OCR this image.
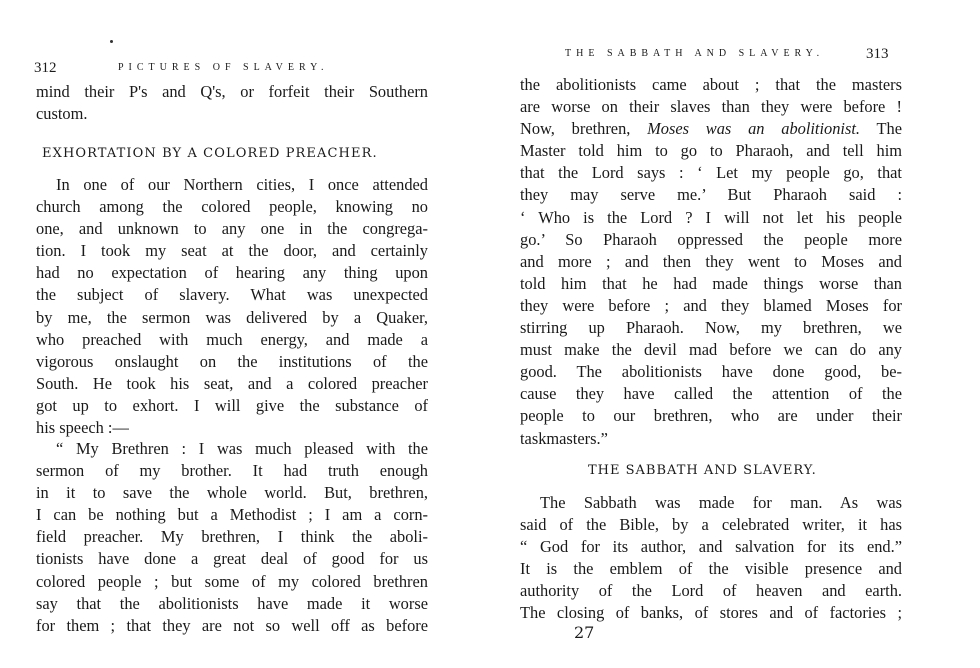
312	PICTURES OF SLAVERY.
mind their P's and Q's, or forfeit their Southern
custom.
EXHORTATION BY A COLORED PREACHER.
In one of our Northern cities, I once attended
church among the colored people, knowing no
one, and unknown to any one in the congrega-
tion. I took my seat at the door, and certainly
had no expectation of hearing any thing upon
the subject of slavery. What was unexpected
by me, the sermon was delivered by a Quaker,
who preached with much energy, and made a
vigorous onslaught on the institutions of the
South. He took his seat, and a colored preacher
got up to exhort. I will give the substance of
his speech :—
“ My Brethren : I was much pleased with the
sermon of my brother. It had truth enough
in it to save the whole world. But, brethren,
I can be nothing but a Methodist ; I am a corn-
field preacher. My brethren, I think the aboli-
tionists have done a great deal of good for us
colored people ; but some of my colored brethren
say that the abolitionists have made it worse
for them ; that they are not so well off as before
THE SABBATH AND SLAVERY.	313
the abolitionists came about ; that the masters
are worse on their slaves than they were before !
Now, brethren, Moses was an abolitionist. The
Master told him to go to Pharaoh, and tell him
that the Lord says : ‘ Let my people go, that
they may serve me.’ But Pharaoh said :
‘ Who is the Lord ? I will not let his people
go.’ So Pharaoh oppressed the people more
and more ; and then they went to Moses and
told him that he had made things worse than
they were before ; and they blamed Moses for
stirring up Pharaoh. Now, my brethren, we
must make the devil mad before we can do any
good. The abolitionists have done good, be-
cause they have called the attention of the
people to our brethren, who are under their
taskmasters.”
THE SABBATH AND SLAVERY.
The Sabbath was made for man. As was
said of the Bible, by a celebrated writer, it has
“ God for its author, and salvation for its end.”
It is the emblem of the visible presence and
authority of the Lord of heaven and earth.
The closing of banks, of stores and of factories ;
27
